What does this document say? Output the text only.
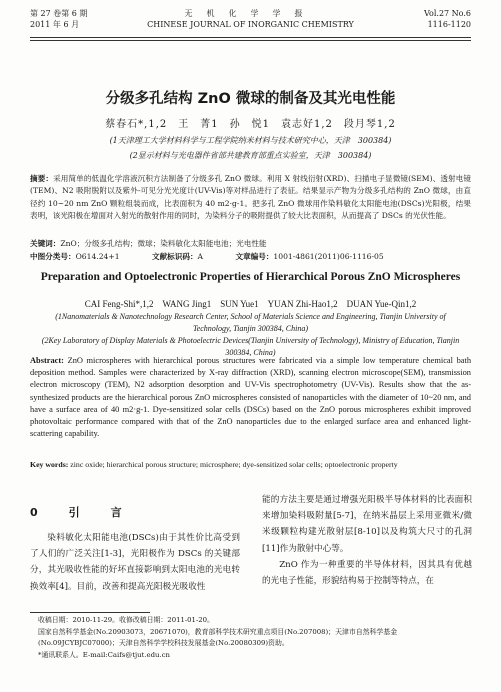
第 27 卷第 6 期
2011 年 6 月
无机化学学报
CHINESE JOURNAL OF INORGANIC CHEMISTRY
Vol.27 No.6
1116-1120
分级多孔结构 ZnO 微球的制备及其光电性能
蔡春石*,1,2　王　菁1　孙　悦1　袁志好1,2　段月琴1,2
(1天津理工大学材料科学与工程学院纳米材料与技术研究中心，天津　300384)
(2显示材料与光电器件省部共建教育部重点实验室，天津　300384)
摘要：采用简单的低温化学溶液沉积方法制备了分级多孔 ZnO 微球。利用 X 射线衍射(XRD)、扫描电子显微镜(SEM)、透射电镜(TEM)、N2 吸附脱附以及紫外-可见分光光度计(UV-Vis)等对样品进行了表征。结果显示产物为分级多孔结构的 ZnO 微球，由直径约 10~20 nm ZnO 颗粒组装而成，比表面积为 40 m2·g-1。把多孔 ZnO 微球用作染料敏化太阳能电池(DSCs)光阳极，结果表明，该光阳极在增面对入射光的散射作用的同时，为染料分子的吸附提供了较大比表面积，从而提高了 DSCs 的光伏性能。
关键词：ZnO；分级多孔结构；微球；染料敏化太阳能电池；光电性能
中图分类号：O614.24+1	文献标识码：A	文章编号：1001-4861(2011)06-1116-05
Preparation and Optoelectronic Properties of Hierarchical Porous ZnO Microspheres
CAI Feng-Shi*,1,2　WANG Jing1　SUN Yue1　YUAN Zhi-Hao1,2　DUAN Yue-Qin1,2
(1Nanomaterials & Nanotechnology Research Center, School of Materials Science and Engineering, Tianjin University of Technology, Tianjin 300384, China)
(2Key Laboratory of Display Materials & Photoelectric Devices(Tianjin University of Technology), Ministry of Education, Tianjin 300384, China)
Abstract: ZnO microspheres with hierarchical porous structures were fabricated via a simple low temperature chemical bath deposition method. Samples were characterized by X-ray diffraction (XRD), scanning electron microscope(SEM), transmission electron microscopy (TEM), N2 adsorption desorption and UV-Vis spectrophotometry (UV-Vis). Results show that the as-synthesized products are the hierarchical porous ZnO microspheres consisted of nanoparticles with the diameter of 10~20 nm, and have a surface area of 40 m2·g-1. Dye-sensitized solar cells (DSCs) based on the ZnO porous microspheres exhibit improved photovoltaic performance compared with that of the ZnO nanoparticles due to the enlarged surface area and enhanced light-scattering capability.
Key words: zinc oxide; hierarchical porous structure; microsphere; dye-sensitized solar cells; optoelectronic property
0　引　言

染料敏化太阳能电池(DSCs)由于其性价比高受到了人们的广泛关注[1-3]，光阳极作为 DSCs 的关键部分，其光吸收性能的好坏直接影响到太阳电池的光电转换效率[4]。目前，改善和提高光阳极光吸收性

能的方法主要是通过增强光阳极半导体材料的比表面积来增加染料吸附量[5-7]，在纳米晶层上采用亚微米/微米级颗粒构建光散射层[8-10]以及构筑大尺寸的孔洞[11]作为散射中心等。

ZnO 作为一种重要的半导体材料，因其具有优越的光电子性能，形貌结构易于控制等特点，在

收稿日期：2010-11-29。收修改稿日期：2011-01-20。
国家自然科学基金(No.20903073，20671070)，教育部科学技术研究重点项目(No.207008)；天津市自然科学基金(No.09JCYBJC07000)；天津自然科学学校科技发展基金(No.20080309)资助。
*通讯联系人。E-mail:Caifs@tjut.edu.cn
